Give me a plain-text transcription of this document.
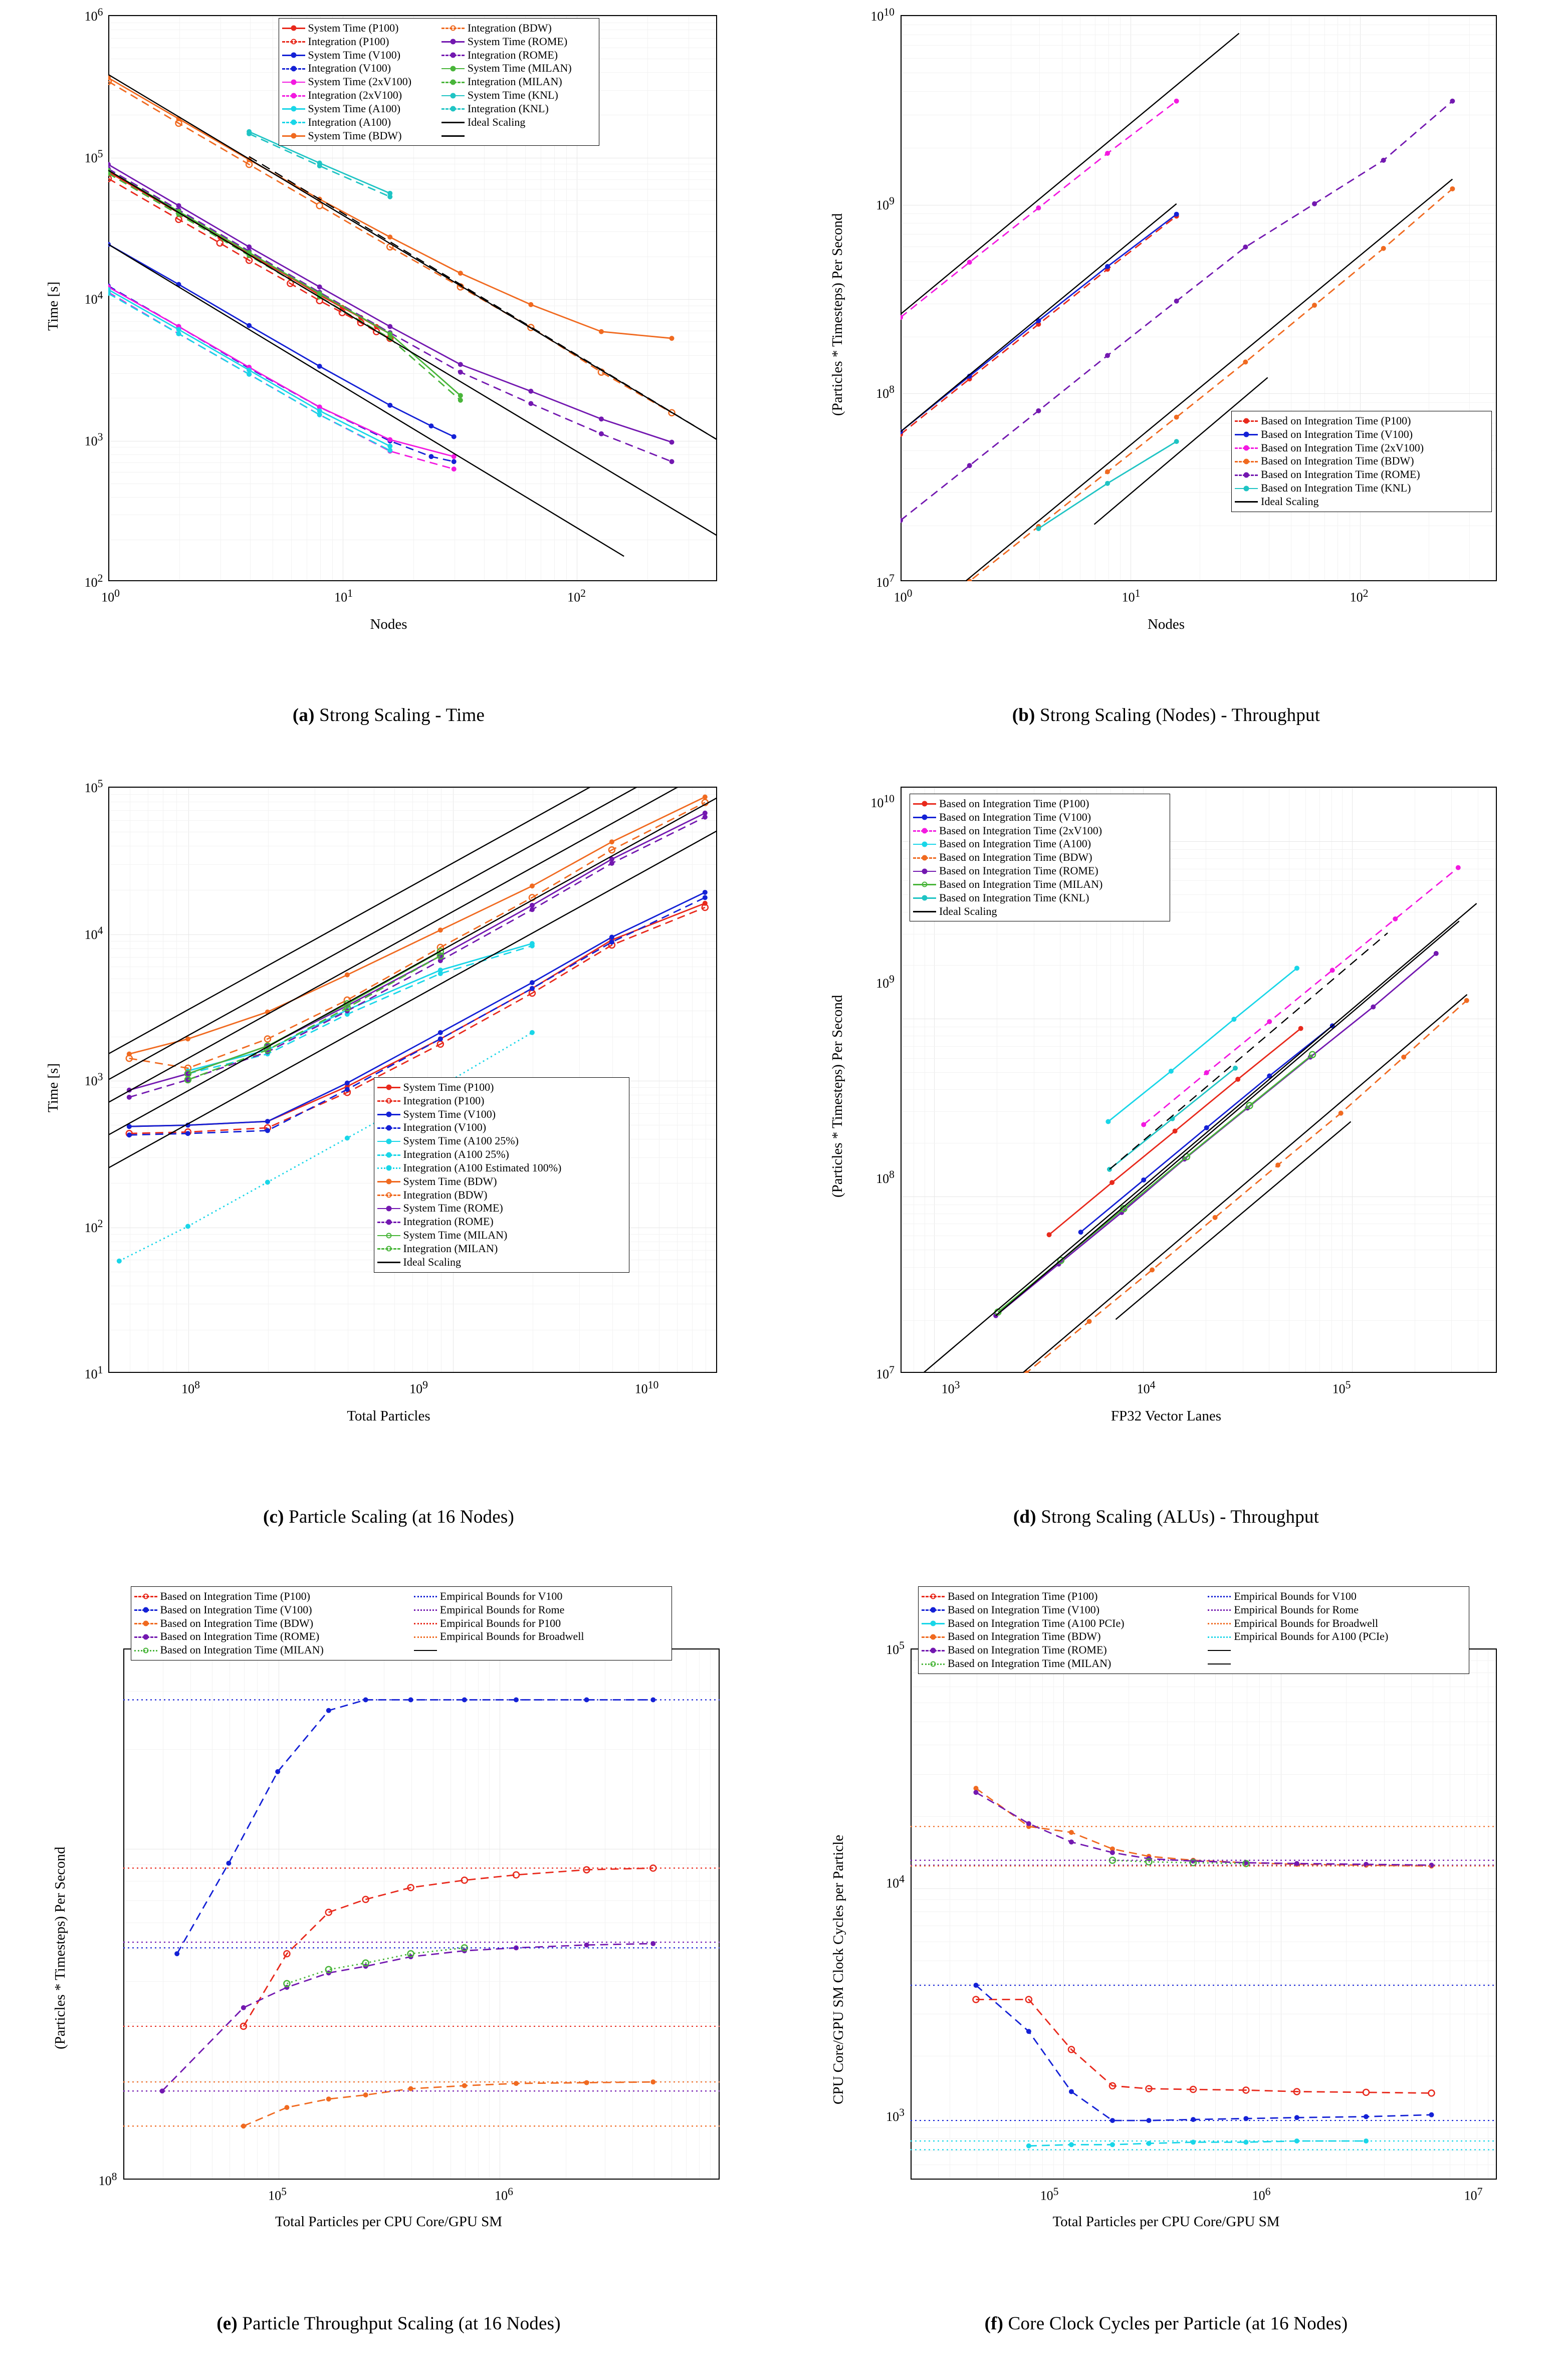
Time [s]
Nodes
$10^2$
$10^3$
$10^4$
$10^5$
$10^6$
$10^0$	$10^1$	$10^2$
System Time (P100)	Integration (BDW)
Integration (P100)	System Time (ROME)
System Time (V100)	Integration (ROME)
Integration (V100)	System Time (MILAN)
System Time (2xV100)	Integration (MILAN)
Integration (2xV100)	System Time (KNL)
System Time (A100)	Integration (KNL)
Integration (A100)	Ideal Scaling
System Time (BDW)
(a) Strong Scaling - Time
(Particles * Timesteps) Per Second
Nodes
$10^7$
$10^8$
$10^9$
$10^{10}$
$10^0$	$10^1$	$10^2$
Based on Integration Time (P100)
Based on Integration Time (V100)
Based on Integration Time (2xV100)
Based on Integration Time (BDW)
Based on Integration Time (ROME)
Based on Integration Time (KNL)
Ideal Scaling
(b) Strong Scaling (Nodes) - Throughput
Time [s]
Total Particles
$10^1$
$10^2$
$10^3$
$10^4$
$10^5$
$10^8$	$10^9$	$10^{10}$
System Time (P100)
Integration (P100)
System Time (V100)
Integration (V100)
System Time (A100 25%)
Integration (A100 25%)
Integration (A100 Estimated 100%)
System Time (BDW)
Integration (BDW)
System Time (ROME)
Integration (ROME)
System Time (MILAN)
Integration (MILAN)
Ideal Scaling
(c) Particle Scaling (at 16 Nodes)
(Particles * Timesteps) Per Second
FP32 Vector Lanes
$10^7$
$10^8$
$10^9$
$10^{10}$
$10^3$	$10^4$	$10^5$
Based on Integration Time (P100)
Based on Integration Time (V100)
Based on Integration Time (2xV100)
Based on Integration Time (A100)
Based on Integration Time (BDW)
Based on Integration Time (ROME)
Based on Integration Time (MILAN)
Based on Integration Time (KNL)
Ideal Scaling
(d) Strong Scaling (ALUs) - Throughput
(Particles * Timesteps) Per Second
Total Particles per CPU Core/GPU SM
$10^8$
$10^5$	$10^6$
Based on Integration Time (P100)	Empirical Bounds for V100
Based on Integration Time (V100)	Empirical Bounds for Rome
Based on Integration Time (BDW)	Empirical Bounds for P100
Based on Integration Time (ROME)	Empirical Bounds for Broadwell
Based on Integration Time (MILAN)
(e) Particle Throughput Scaling (at 16 Nodes)
CPU Core/GPU SM Clock Cycles per Particle
Total Particles per CPU Core/GPU SM
$10^3$
$10^4$
$10^5$
$10^5$	$10^6$	$10^7$
Based on Integration Time (P100)	Empirical Bounds for V100
Based on Integration Time (V100)	Empirical Bounds for Rome
Based on Integration Time (A100 PCIe)	Empirical Bounds for Broadwell
Based on Integration Time (BDW)	Empirical Bounds for A100 (PCIe)
Based on Integration Time (ROME)
Based on Integration Time (MILAN)
(f) Core Clock Cycles per Particle (at 16 Nodes)
